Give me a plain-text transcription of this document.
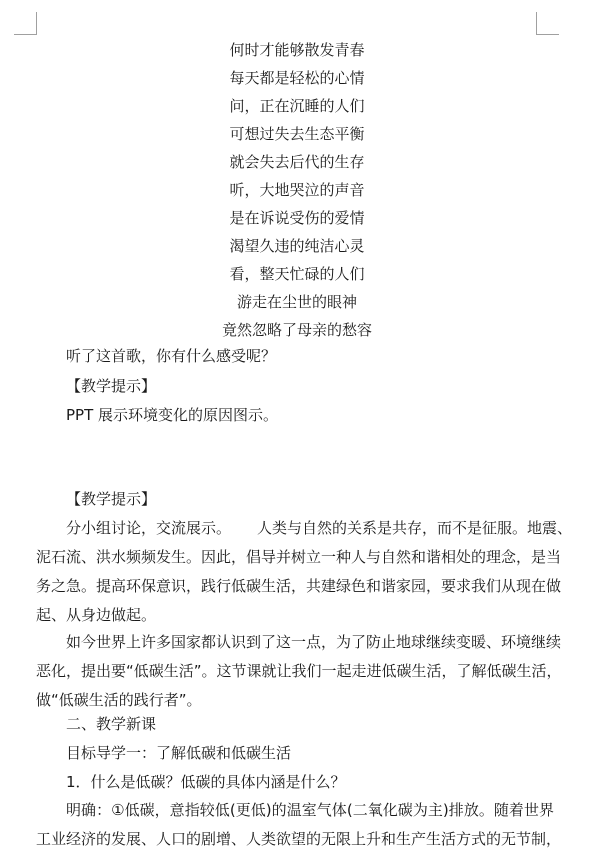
何时才能够散发青春
每天都是轻松的心情
问，正在沉睡的人们
可想过失去生态平衡
就会失去后代的生存
听，大地哭泣的声音
是在诉说受伤的爱情
渴望久违的纯洁心灵
看，整天忙碌的人们
游走在尘世的眼神
竟然忽略了母亲的愁容
听了这首歌，你有什么感受呢？
【教学提示】
PPT 展示环境变化的原因图示。
【教学提示】
分小组讨论，交流展示。 人类与自然的关系是共存，而不是征服。地震、
泥石流、洪水频频发生。因此，倡导并树立一种人与自然和谐相处的理念，是当
务之急。提高环保意识，践行低碳生活，共建绿色和谐家园，要求我们从现在做
起、从身边做起。
如今世界上许多国家都认识到了这一点，为了防止地球继续变暖、环境继续
恶化，提出要“低碳生活”。这节课就让我们一起走进低碳生活，了解低碳生活，
做“低碳生活的践行者”。
二、教学新课
目标导学一：了解低碳和低碳生活
1．什么是低碳？低碳的具体内涵是什么？
明确：①低碳，意指较低(更低)的温室气体(二氧化碳为主)排放。随着世界
工业经济的发展、人口的剧增、人类欲望的无限上升和生产生活方式的无节制，
